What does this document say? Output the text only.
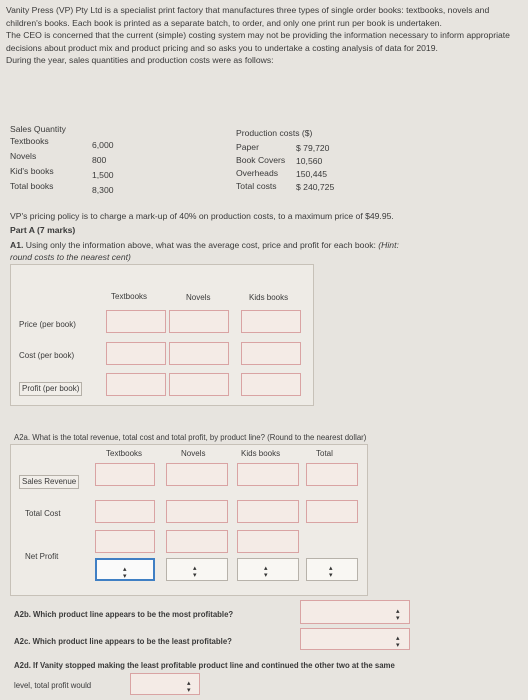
Vanity Press (VP) Pty Ltd is a specialist print factory that manufactures three types of single order books: textbooks, novels and children's books. Each book is printed as a separate batch, to order, and only one print run per book is undertaken.
The CEO is concerned that the current (simple) costing system may not be providing the information necessary to inform appropriate decisions about product mix and product pricing and so asks you to undertake a costing analysis of data for 2019.
During the year, sales quantities and production costs were as follows:
Sales Quantity
Textbooks	6,000
Novels	800
Kid's books	1,500
Total books	8,300
Production costs ($)
Paper	$ 79,720
Book Covers 10,560
Overheads 150,445
Total costs $ 240,725
VP's pricing policy is to charge a mark-up of 40% on production costs, to a maximum price of $49.95.
Part A (7 marks)
A1. Using only the information above, what was the average cost, price and profit for each book: (Hint:
round costs to the nearest cent)
Textbooks	Novels	Kids books
Price (per book)
Cost (per book)
Profit (per book)
A2a. What is the total revenue, total cost and total profit, by product line? (Round to the nearest dollar)
Textbooks	Novels	Kids books	Total
Sales Revenue
Total Cost
Net Profit
▴
▾
▴
▾
▴
▾
▴
▾
A2b. Which product line appears to be the most profitable?	▴
▾
A2c. Which product line appears to be the least profitable?	▴
▾
A2d. If Vanity stopped making the least profitable product line and continued the other two at the same
level, total profit would	▴
▾
